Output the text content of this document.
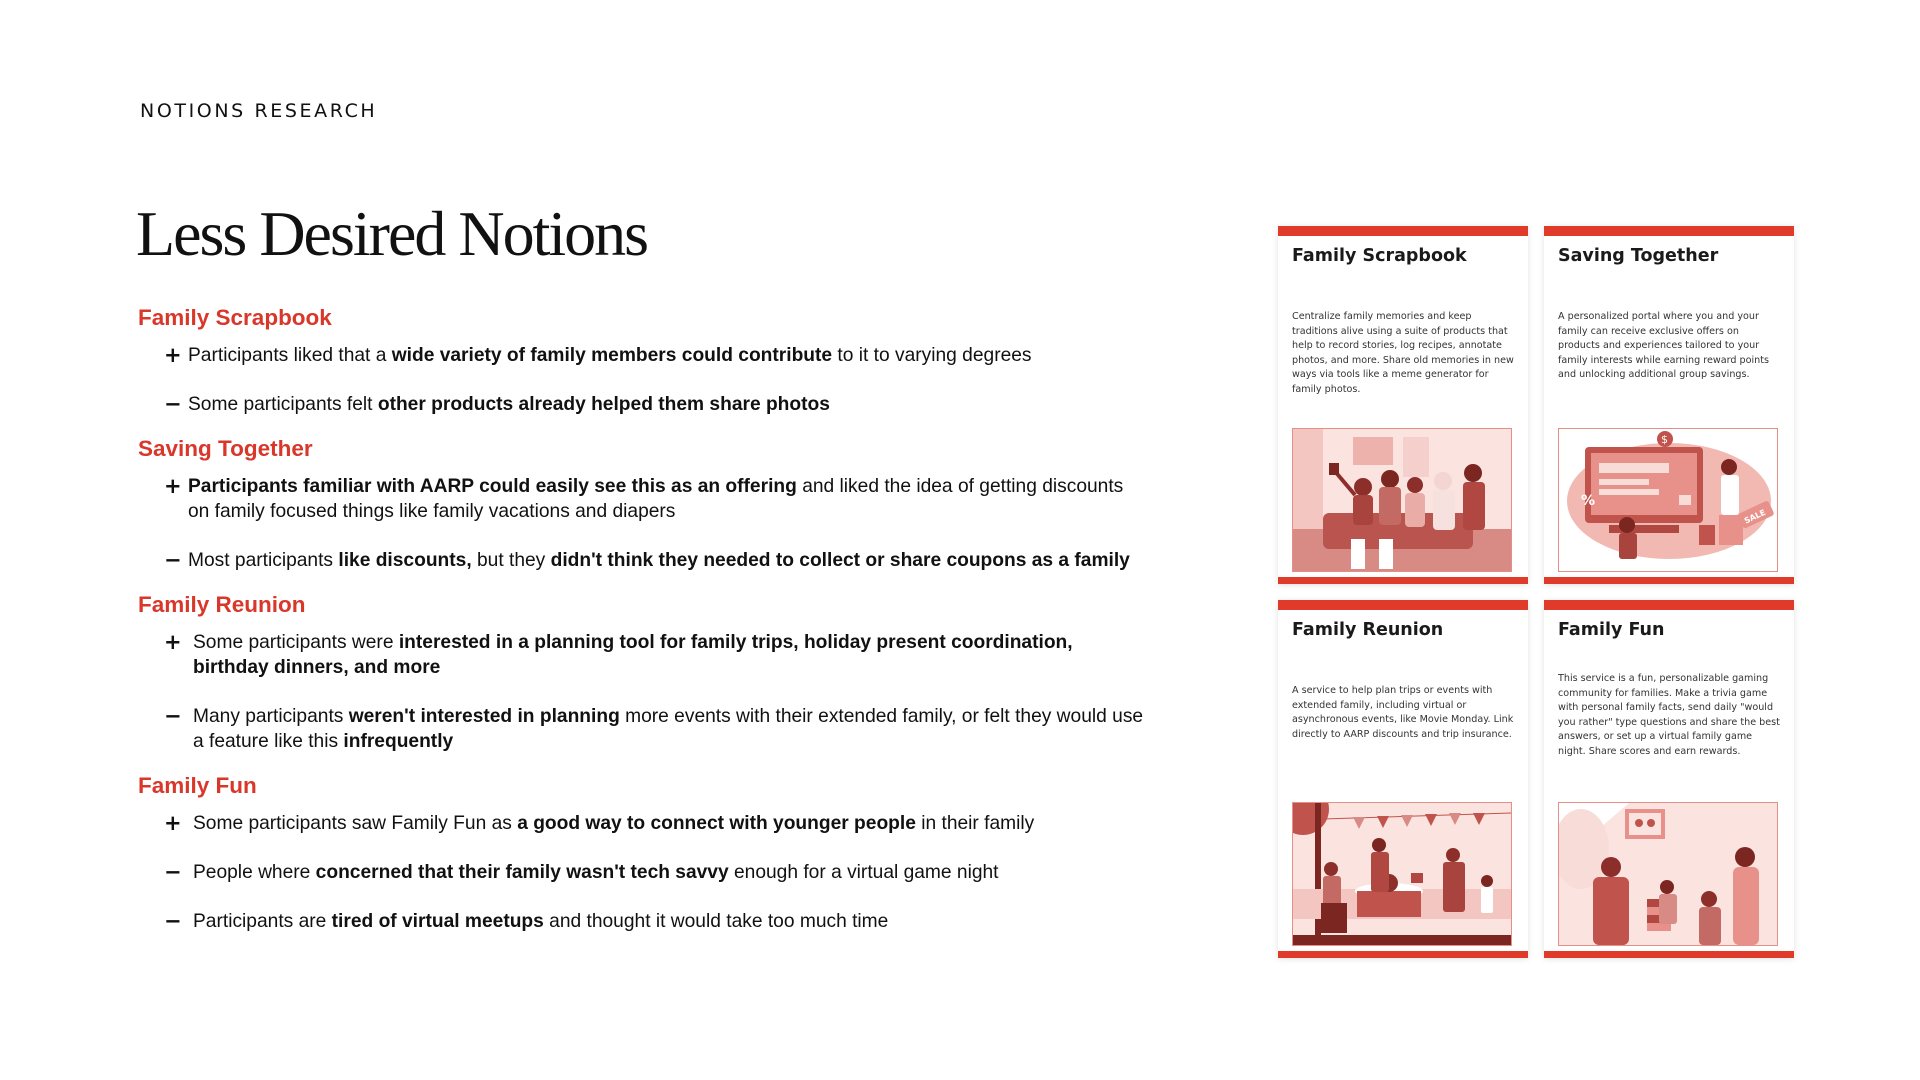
NOTIONS RESEARCH
Less Desired Notions
Family Scrapbook
+ Participants liked that a wide variety of family members could contribute to it to varying degrees
− Some participants felt other products already helped them share photos
Saving Together
+ Participants familiar with AARP could easily see this as an offering and liked the idea of getting discounts on family focused things like family vacations and diapers
− Most participants like discounts, but they didn't think they needed to collect or share coupons as a family
Family Reunion
+ Some participants were interested in a planning tool for family trips, holiday present coordination, birthday dinners, and more
− Many participants weren't interested in planning more events with their extended family, or felt they would use a feature like this infrequently
Family Fun
+ Some participants saw Family Fun as a good way to connect with younger people in their family
− People where concerned that their family wasn't tech savvy enough for a virtual game night
− Participants are tired of virtual meetups and thought it would take too much time
Family Scrapbook

Centralize family memories and keep traditions alive using a suite of products that help to record stories, log recipes, annotate photos, and more. Share old memories in new ways via tools like a meme generator for family photos.

Saving Together

A personalized portal where you and your family can receive exclusive offers on products and experiences tailored to your family interests while earning reward points and unlocking additional group savings.

$
%
SALE
Family Reunion

A service to help plan trips or events with extended family, including virtual or asynchronous events, like Movie Monday. Link directly to AARP discounts and trip insurance.

Family Fun

This service is a fun, personalizable gaming community for families. Make a trivia game with personal family facts, send daily "would you rather" type questions and share the best answers, or set up a virtual family game night. Share scores and earn rewards.
